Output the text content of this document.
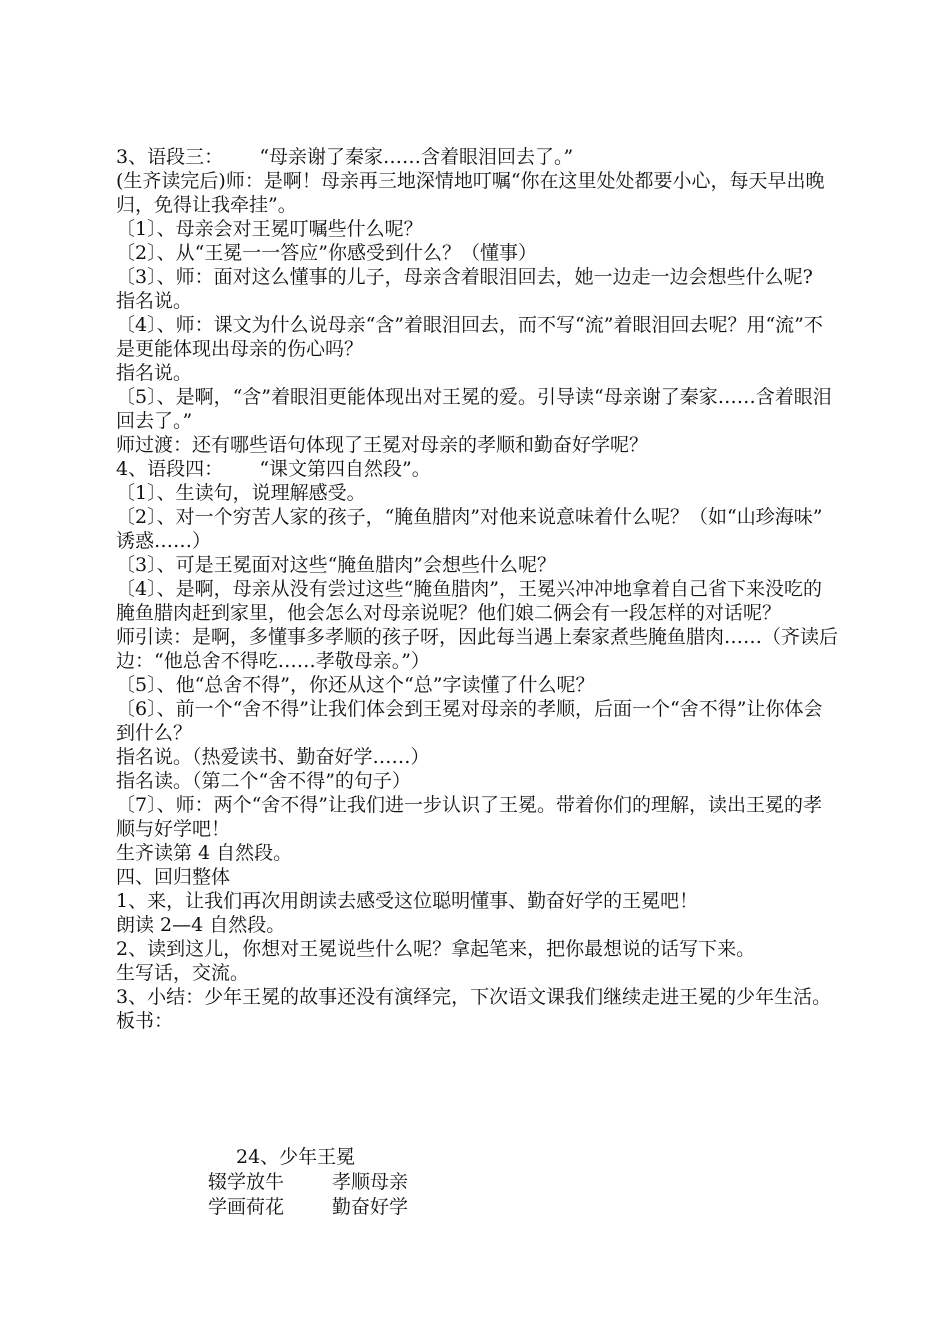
3、语段三：      “母亲谢了秦家……含着眼泪回去了。”

(生齐读完后)师：是啊！母亲再三地深情地叮嘱“你在这里处处都要小心，每天早出晚归，免得让我牵挂”。

〔1〕、母亲会对王冕叮嘱些什么呢？

〔2〕、从“王冕一一答应”你感受到什么？（懂事）

〔3〕、师：面对这么懂事的儿子，母亲含着眼泪回去，她一边走一边会想些什么呢?

指名说。

〔4〕、师：课文为什么说母亲“含”着眼泪回去，而不写“流”着眼泪回去呢？用“流”不是更能体现出母亲的伤心吗？

指名说。

〔5〕、是啊，“含”着眼泪更能体现出对王冕的爱。引导读“母亲谢了秦家……含着眼泪回去了。”

师过渡：还有哪些语句体现了王冕对母亲的孝顺和勤奋好学呢？

4、语段四：      “课文第四自然段”。

〔1〕、生读句，说理解感受。

〔2〕、对一个穷苦人家的孩子，“腌鱼腊肉”对他来说意味着什么呢？（如“山珍海味”    诱惑……）

〔3〕、可是王冕面对这些“腌鱼腊肉”会想些什么呢？

〔4〕、是啊，母亲从没有尝过这些“腌鱼腊肉”，王冕兴冲冲地拿着自己省下来没吃的腌鱼腊肉赶到家里，他会怎么对母亲说呢？他们娘二俩会有一段怎样的对话呢？

师引读：是啊，多懂事多孝顺的孩子呀，因此每当遇上秦家煮些腌鱼腊肉……（齐读后边：“他总舍不得吃……孝敬母亲。”）

〔5〕、他“总舍不得”，你还从这个“总”字读懂了什么呢？

〔6〕、前一个“舍不得”让我们体会到王冕对母亲的孝顺，后面一个“舍不得”让你体会到什么？

指名说。（热爱读书、勤奋好学……）

指名读。（第二个“舍不得”的句子）

〔7〕、师：两个“舍不得”让我们进一步认识了王冕。带着你们的理解，读出王冕的孝顺与好学吧！

生齐读第 4 自然段。

四、回归整体

1、来，让我们再次用朗读去感受这位聪明懂事、勤奋好学的王冕吧！

朗读 2—4 自然段。

2、读到这儿，你想对王冕说些什么呢？拿起笔来，把你最想说的话写下来。

生写话，交流。

3、小结：少年王冕的故事还没有演绎完，下次语文课我们继续走进王冕的少年生活。

板书：

24、少年王冕

辍学放牛	孝顺母亲

学画荷花	勤奋好学
